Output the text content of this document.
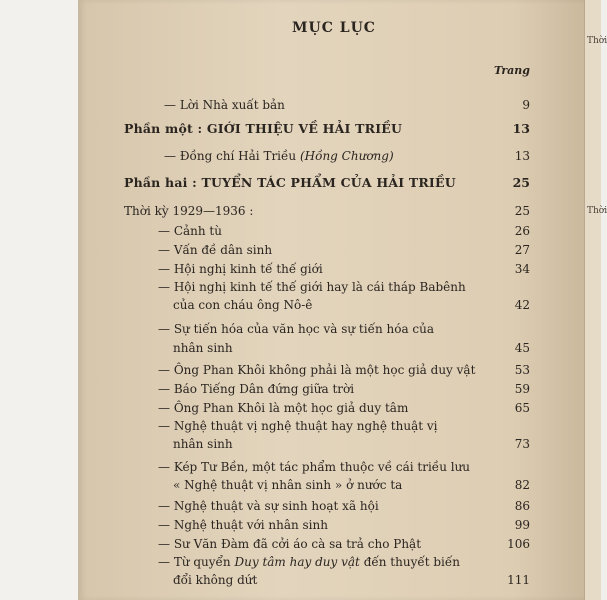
MỤC LỤC
Trang
— Lời Nhà xuất bản	9
Phần một : GIỚI THIỆU VỀ HẢI TRIỀU	13
— Đồng chí Hải Triều (Hồng Chương)	13
Phần hai : TUYỂN TÁC PHẨM CỦA HẢI TRIỀU	25
Thời kỳ 1929—1936 :	25
— Cảnh tù	26
— Vấn đề dân sinh	27
— Hội nghị kinh tế thế giới	34
— Hội nghị kinh tế thế giới hay là cái tháp Babênh
của con cháu ông Nô-ê	42
— Sự tiến hóa của văn học và sự tiến hóa của
nhân sinh	45
— Ông Phan Khôi không phải là một học giả duy vật	53
— Báo Tiếng Dân đứng giữa trời	59
— Ông Phan Khôi là một học giả duy tâm	65
— Nghệ thuật vị nghệ thuật hay nghệ thuật vị
nhân sinh	73
— Kép Tư Bền, một tác phẩm thuộc về cái triều lưu
« Nghệ thuật vị nhân sinh » ở nước ta	82
— Nghệ thuật và sự sinh hoạt xã hội	86
— Nghệ thuật với nhân sinh	99
— Sư Văn Đàm đã cởi áo cà sa trả cho Phật	106
— Từ quyển Duy tâm hay duy vật đến thuyết biến
đổi không dứt	111
Thời
Thời
